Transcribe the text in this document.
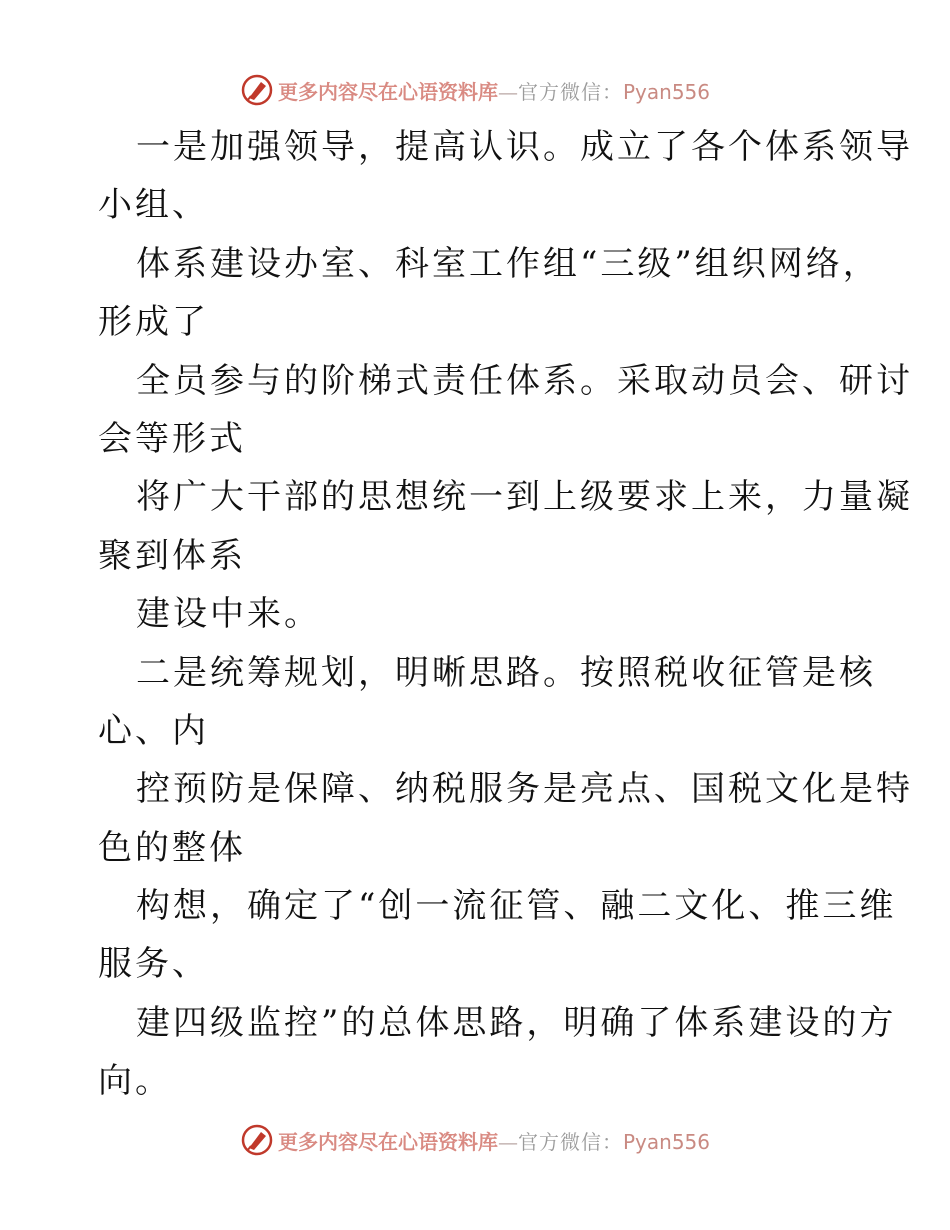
更多内容尽在心语资料库—官方微信：Pyan556
一是加强领导，提高认识。成立了各个体系领导
小组、
体系建设办室、科室工作组“三级”组织网络，
形成了
全员参与的阶梯式责任体系。采取动员会、研讨
会等形式
将广大干部的思想统一到上级要求上来，力量凝
聚到体系
建设中来。
二是统筹规划，明晰思路。按照税收征管是核
心、内
控预防是保障、纳税服务是亮点、国税文化是特
色的整体
构想，确定了“创一流征管、融二文化、推三维
服务、
建四级监控”的总体思路，明确了体系建设的方
向。
更多内容尽在心语资料库—官方微信：Pyan556
